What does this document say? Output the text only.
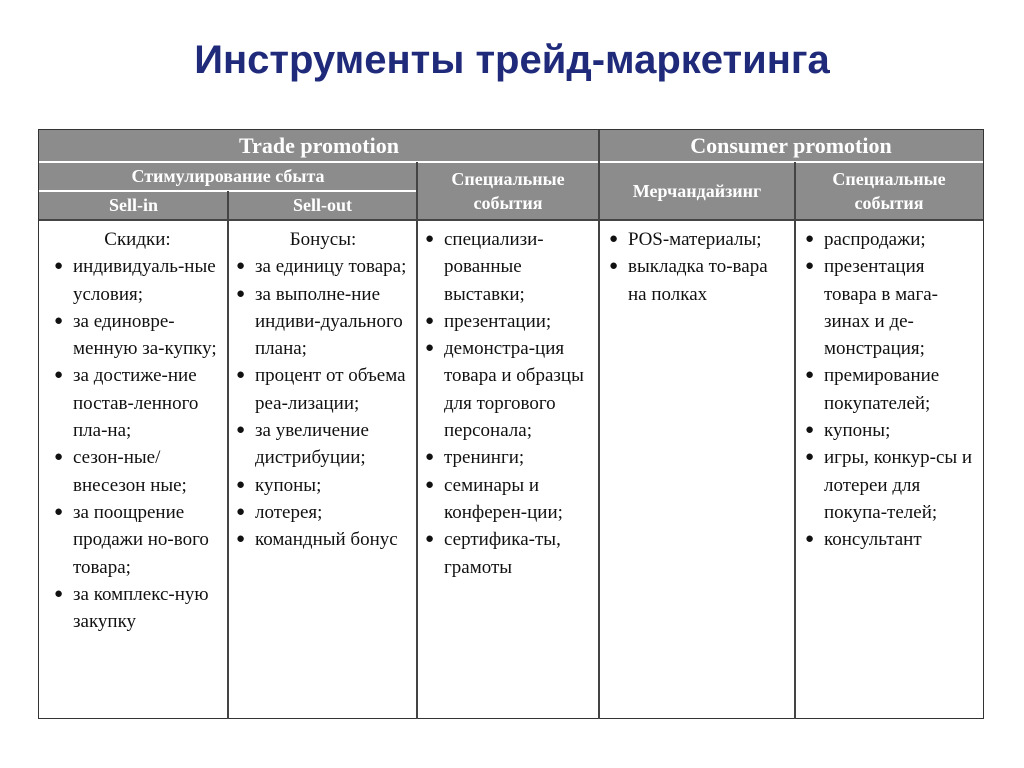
Инструменты трейд-маркетинга
Trade promotion	Consumer promotion
Стимулирование сбыта
Sell-in	Sell-out
Специальные события
Мерчандайзинг
Специальные события
Скидки:
● индивидуаль-ные условия;
● за единовре-менную за-купку;
● за достиже-ние постав-ленного пла-на;
● сезон-ные/внесезон ные;
● за поощрение продажи но-вого товара;
● за комплекс-ную закупку
Бонусы:
● за единицу товара;
● за выполне-ние индиви-дуального плана;
● процент от объема реа-лизации;
● за увеличение дистрибуции;
● купоны;
● лотерея;
● командный бонус
● специализи-рованные выставки;
● презентации;
● демонстра-ция товара и образцы для торгового персонала;
● тренинги;
● семинары и конферен-ции;
● сертифика-ты, грамоты
● POS-материалы;
● выкладка то-вара на полках
● распродажи;
● презентация товара в мага-зинах и де-монстрация;
● премирование покупателей;
● купоны;
● игры, конкур-сы и лотереи для покупа-телей;
● консультант
